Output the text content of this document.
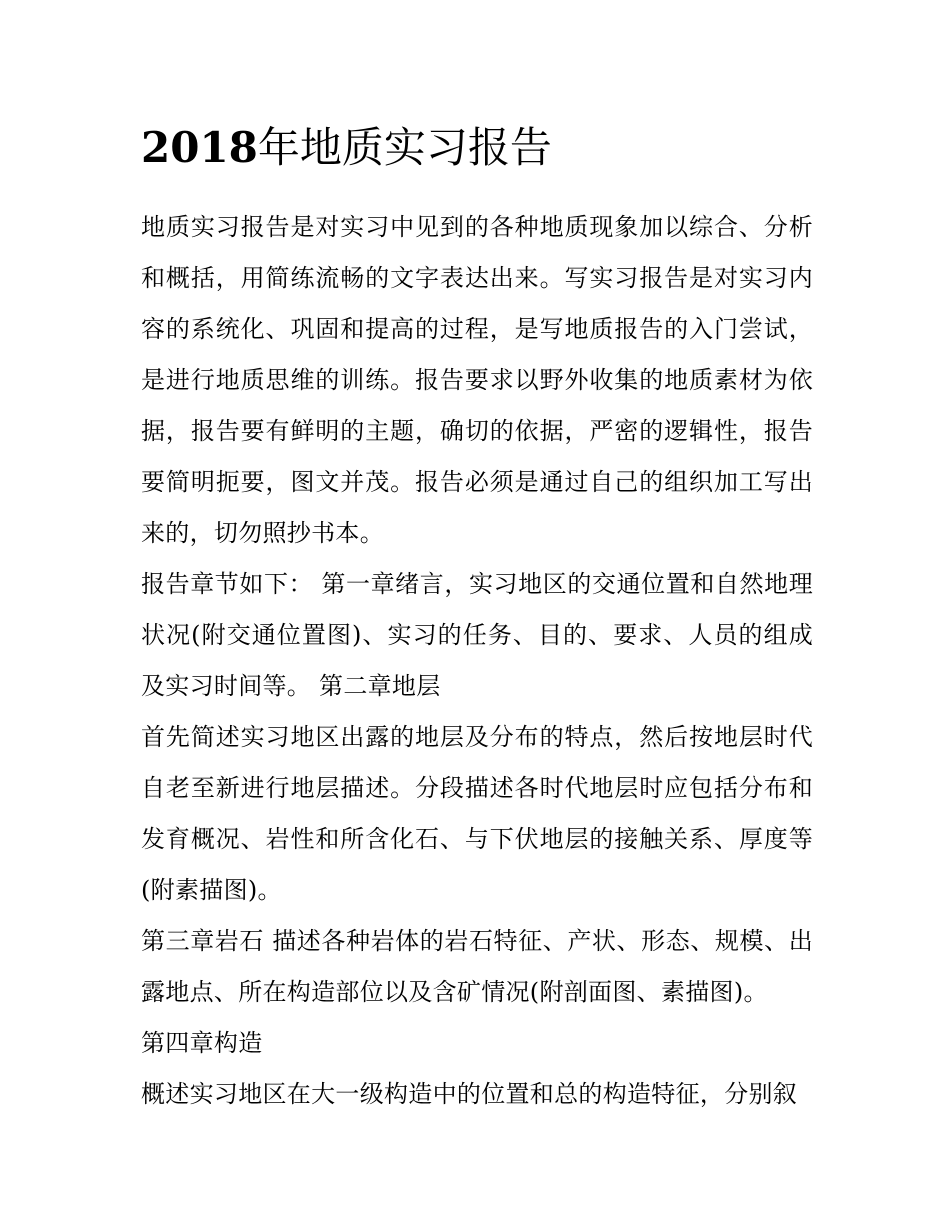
2018年地质实习报告

地质实习报告是对实习中见到的各种地质现象加以综合、分析和概括，用简练流畅的文字表达出来。写实习报告是对实习内容的系统化、巩固和提高的过程，是写地质报告的入门尝试，是进行地质思维的训练。报告要求以野外收集的地质素材为依据，报告要有鲜明的主题，确切的依据，严密的逻辑性，报告要简明扼要，图文并茂。报告必须是通过自己的组织加工写出来的，切勿照抄书本。

报告章节如下： 第一章绪言，实习地区的交通位置和自然地理状况(附交通位置图)、实习的任务、目的、要求、人员的组成及实习时间等。 第二章地层

首先简述实习地区出露的地层及分布的特点，然后按地层时代自老至新进行地层描述。分段描述各时代地层时应包括分布和发育概况、岩性和所含化石、与下伏地层的接触关系、厚度等(附素描图)。

第三章岩石 描述各种岩体的岩石特征、产状、形态、规模、出露地点、所在构造部位以及含矿情况(附剖面图、素描图)。

第四章构造

概述实习地区在大一级构造中的位置和总的构造特征，分别叙
